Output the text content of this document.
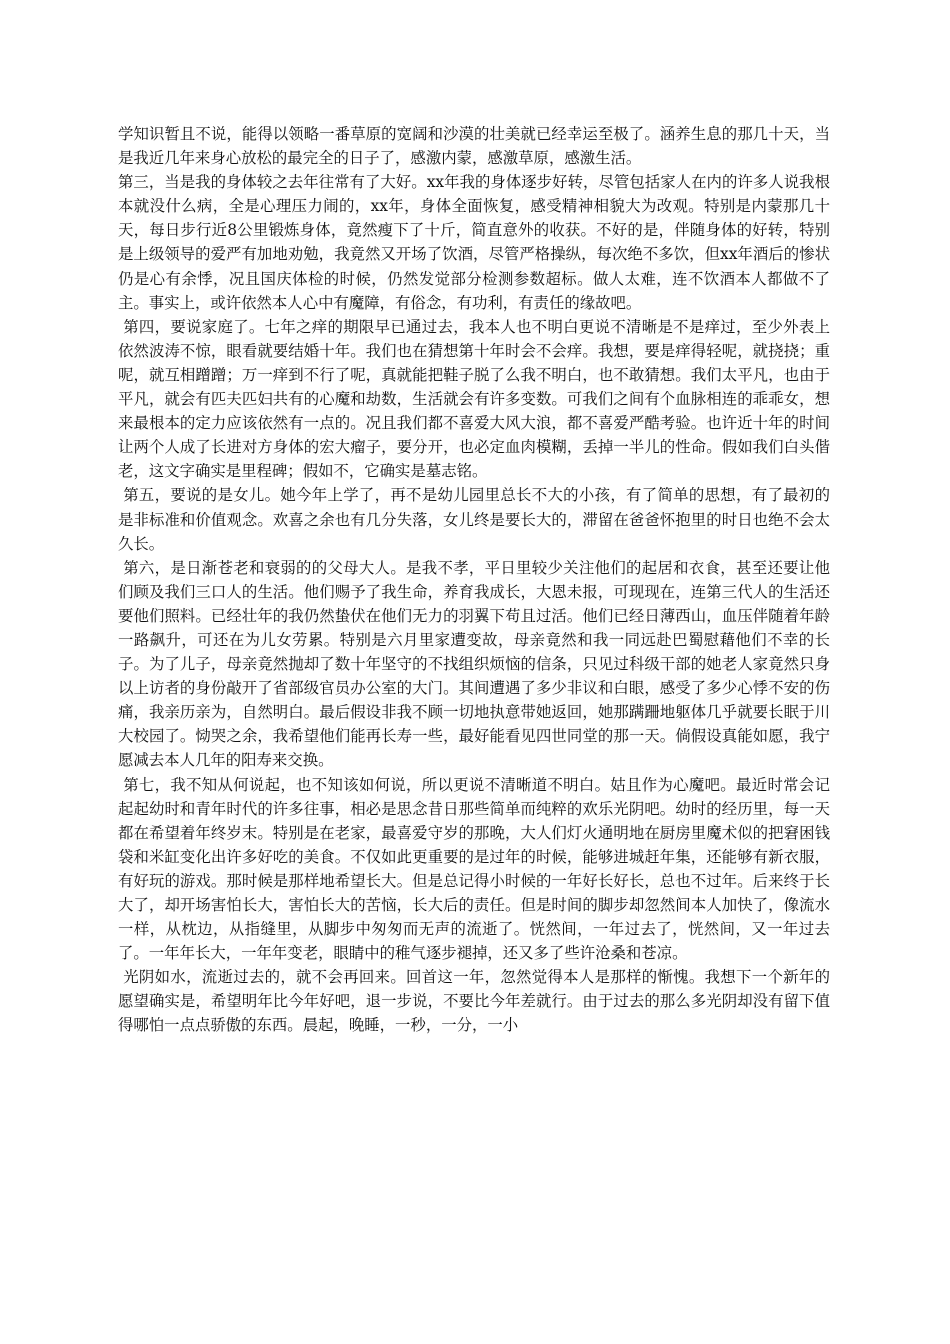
学知识暂且不说，能得以领略一番草原的宽阔和沙漠的壮美就已经幸运至极了。涵养生息的那几十天，当是我近几年来身心放松的最完全的日子了，感激内蒙，感激草原，感激生活。

第三，当是我的身体较之去年往常有了大好。xx年我的身体逐步好转，尽管包括家人在内的许多人说我根本就没什么病，全是心理压力闹的，xx年，身体全面恢复，感受精神相貌大为改观。特别是内蒙那几十天，每日步行近8公里锻炼身体，竟然瘦下了十斤，简直意外的收获。不好的是，伴随身体的好转，特别是上级领导的爱严有加地劝勉，我竟然又开场了饮酒，尽管严格操纵，每次绝不多饮，但xx年酒后的惨状仍是心有余悸，况且国庆体检的时候，仍然发觉部分检测参数超标。做人太难，连不饮酒本人都做不了主。事实上，或许依然本人心中有魔障，有俗念，有功利，有责任的缘故吧。

第四，要说家庭了。七年之痒的期限早已通过去，我本人也不明白更说不清晰是不是痒过，至少外表上依然波涛不惊，眼看就要结婚十年。我们也在猜想第十年时会不会痒。我想，要是痒得轻呢，就挠挠；重呢，就互相蹭蹭；万一痒到不行了呢，真就能把鞋子脱了么我不明白，也不敢猜想。我们太平凡，也由于平凡，就会有匹夫匹妇共有的心魔和劫数，生活就会有许多变数。可我们之间有个血脉相连的乖乖女，想来最根本的定力应该依然有一点的。况且我们都不喜爱大风大浪，都不喜爱严酷考验。也许近十年的时间让两个人成了长进对方身体的宏大瘤子，要分开，也必定血肉模糊，丢掉一半儿的性命。假如我们白头偕老，这文字确实是里程碑；假如不，它确实是墓志铭。

第五，要说的是女儿。她今年上学了，再不是幼儿园里总长不大的小孩，有了简单的思想，有了最初的是非标准和价值观念。欢喜之余也有几分失落，女儿终是要长大的，滞留在爸爸怀抱里的时日也绝不会太久长。

第六，是日渐苍老和衰弱的的父母大人。是我不孝，平日里较少关注他们的起居和衣食，甚至还要让他们顾及我们三口人的生活。他们赐予了我生命，养育我成长，大恩未报，可现现在，连第三代人的生活还要他们照料。已经壮年的我仍然蛰伏在他们无力的羽翼下苟且过活。他们已经日薄西山，血压伴随着年龄一路飙升，可还在为儿女劳累。特别是六月里家遭变故，母亲竟然和我一同远赴巴蜀慰藉他们不幸的长子。为了儿子，母亲竟然抛却了数十年坚守的不找组织烦恼的信条，只见过科级干部的她老人家竟然只身以上访者的身份敲开了省部级官员办公室的大门。其间遭遇了多少非议和白眼，感受了多少心悸不安的伤痛，我亲历亲为，自然明白。最后假设非我不顾一切地执意带她返回，她那蹒跚地躯体几乎就要长眠于川大校园了。恸哭之余，我希望他们能再长寿一些，最好能看见四世同堂的那一天。倘假设真能如愿，我宁愿减去本人几年的阳寿来交换。

第七，我不知从何说起，也不知该如何说，所以更说不清晰道不明白。姑且作为心魔吧。最近时常会记起起幼时和青年时代的许多往事，相必是思念昔日那些简单而纯粹的欢乐光阴吧。幼时的经历里，每一天都在希望着年终岁末。特别是在老家，最喜爱守岁的那晚，大人们灯火通明地在厨房里魔术似的把窘困钱袋和米缸变化出许多好吃的美食。不仅如此更重要的是过年的时候，能够进城赶年集，还能够有新衣服，有好玩的游戏。那时候是那样地希望长大。但是总记得小时候的一年好长好长，总也不过年。后来终于长大了，却开场害怕长大，害怕长大的苦恼，长大后的责任。但是时间的脚步却忽然间本人加快了，像流水一样，从枕边，从指缝里，从脚步中匆匆而无声的流逝了。恍然间，一年过去了，恍然间，又一年过去了。一年年长大，一年年变老，眼睛中的稚气逐步褪掉，还又多了些许沧桑和苍凉。

光阴如水，流逝过去的，就不会再回来。回首这一年，忽然觉得本人是那样的惭愧。我想下一个新年的愿望确实是，希望明年比今年好吧，退一步说，不要比今年差就行。由于过去的那么多光阴却没有留下值得哪怕一点点骄傲的东西。晨起，晚睡，一秒，一分，一小
